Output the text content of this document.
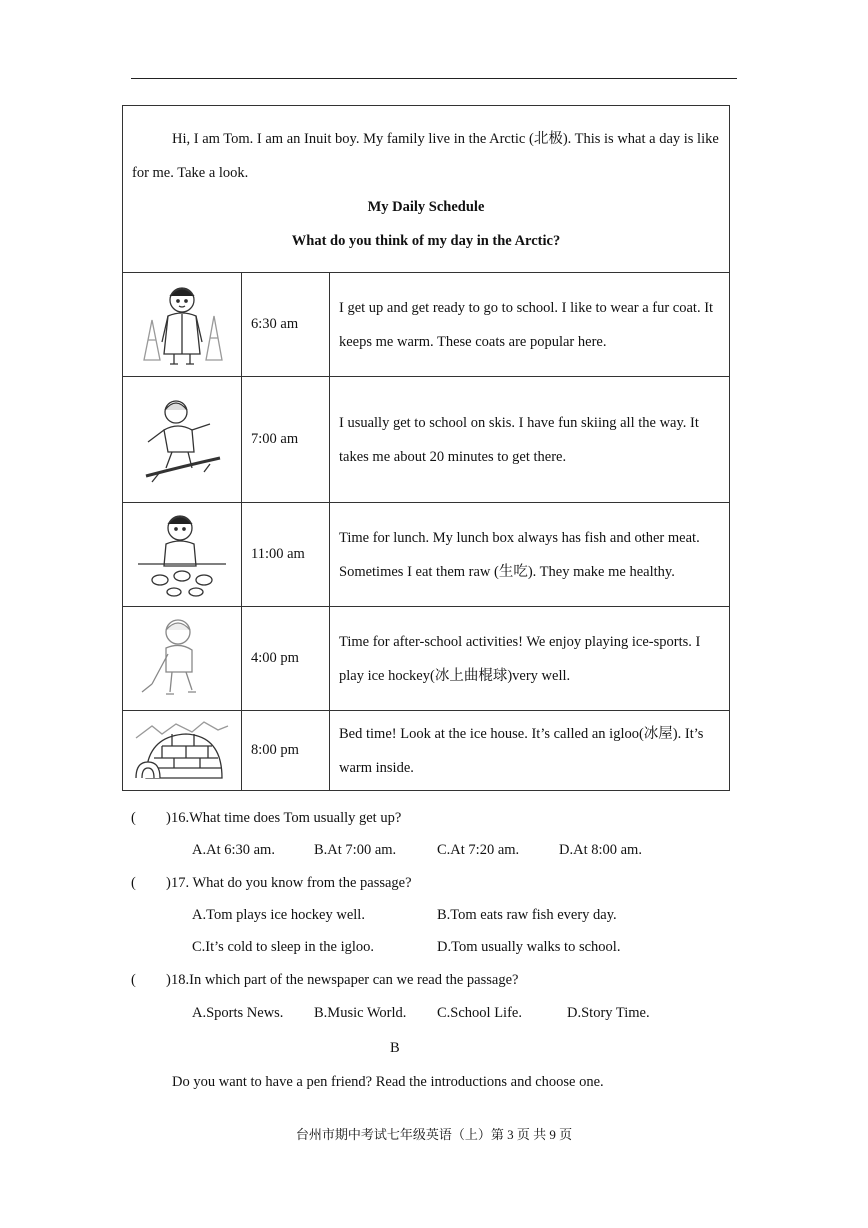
Hi, I am Tom. I am an Inuit boy. My family live in the Arctic (北极). This is what a day is like for me. Take a look.

My Daily Schedule

What do you think of my day in the Arctic?		

	6:30 am	I get up and get ready to go to school. I like to wear a fur coat. It keeps me warm. These coats are popular here.

	7:00 am	I usually get to school on skis. I have fun skiing all the way. It takes me about 20 minutes to get there.

	11:00 am	Time for lunch. My lunch box always has fish and other meat. Sometimes I eat them raw (生吃). They make me healthy.

	4:00 pm	Time for after-school activities! We enjoy playing ice-sports. I play ice hockey(冰上曲棍球)very well.

	8:00 pm	Bed time! Look at the ice house. It’s called an igloo(冰屋). It’s warm inside.
( ) 16.What time does Tom usually get up?
A.At 6:30 am.	B.At 7:00 am.	C.At 7:20 am.	D.At 8:00 am.
( ) 17. What do you know from the passage?
A.Tom plays ice hockey well.	B.Tom eats raw fish every day.
C.It’s cold to sleep in the igloo.	D.Tom usually walks to school.
( ) 18.In which part of the newspaper can we read the passage?
A.Sports News. B.Music World. C.School Life.	D.Story Time.
B
Do you want to have a pen friend? Read the introductions and choose one.
台州市期中考试七年级英语（上）第 3 页 共 9 页
